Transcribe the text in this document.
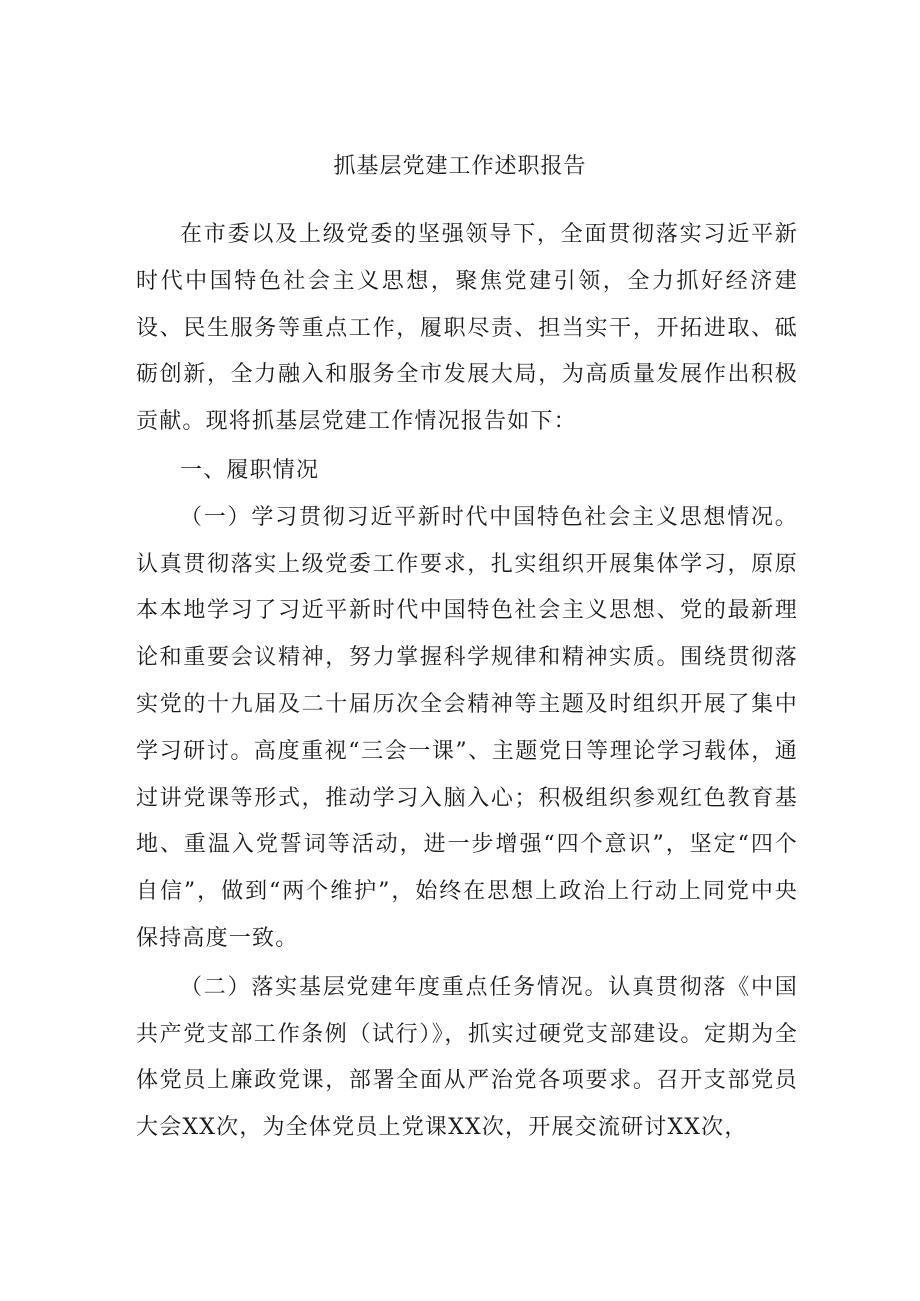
抓基层党建工作述职报告

在市委以及上级党委的坚强领导下，全面贯彻落实习近平新时代中国特色社会主义思想，聚焦党建引领，全力抓好经济建设、民生服务等重点工作，履职尽责、担当实干，开拓进取、砥砺创新，全力融入和服务全市发展大局，为高质量发展作出积极贡献。现将抓基层党建工作情况报告如下：

一、履职情况

（一）学习贯彻习近平新时代中国特色社会主义思想情况。认真贯彻落实上级党委工作要求，扎实组织开展集体学习，原原本本地学习了习近平新时代中国特色社会主义思想、党的最新理论和重要会议精神，努力掌握科学规律和精神实质。围绕贯彻落实党的十九届及二十届历次全会精神等主题及时组织开展了集中学习研讨。高度重视“三会一课”、主题党日等理论学习载体，通过讲党课等形式，推动学习入脑入心；积极组织参观红色教育基地、重温入党誓词等活动，进一步增强“四个意识”，坚定“四个自信”，做到“两个维护”，始终在思想上政治上行动上同党中央保持高度一致。

（二）落实基层党建年度重点任务情况。认真贯彻落《中国共产党支部工作条例（试行）》，抓实过硬党支部建设。定期为全体党员上廉政党课，部署全面从严治党各项要求。召开支部党员大会XX次，为全体党员上党课XX次，开展交流研讨XX次，
